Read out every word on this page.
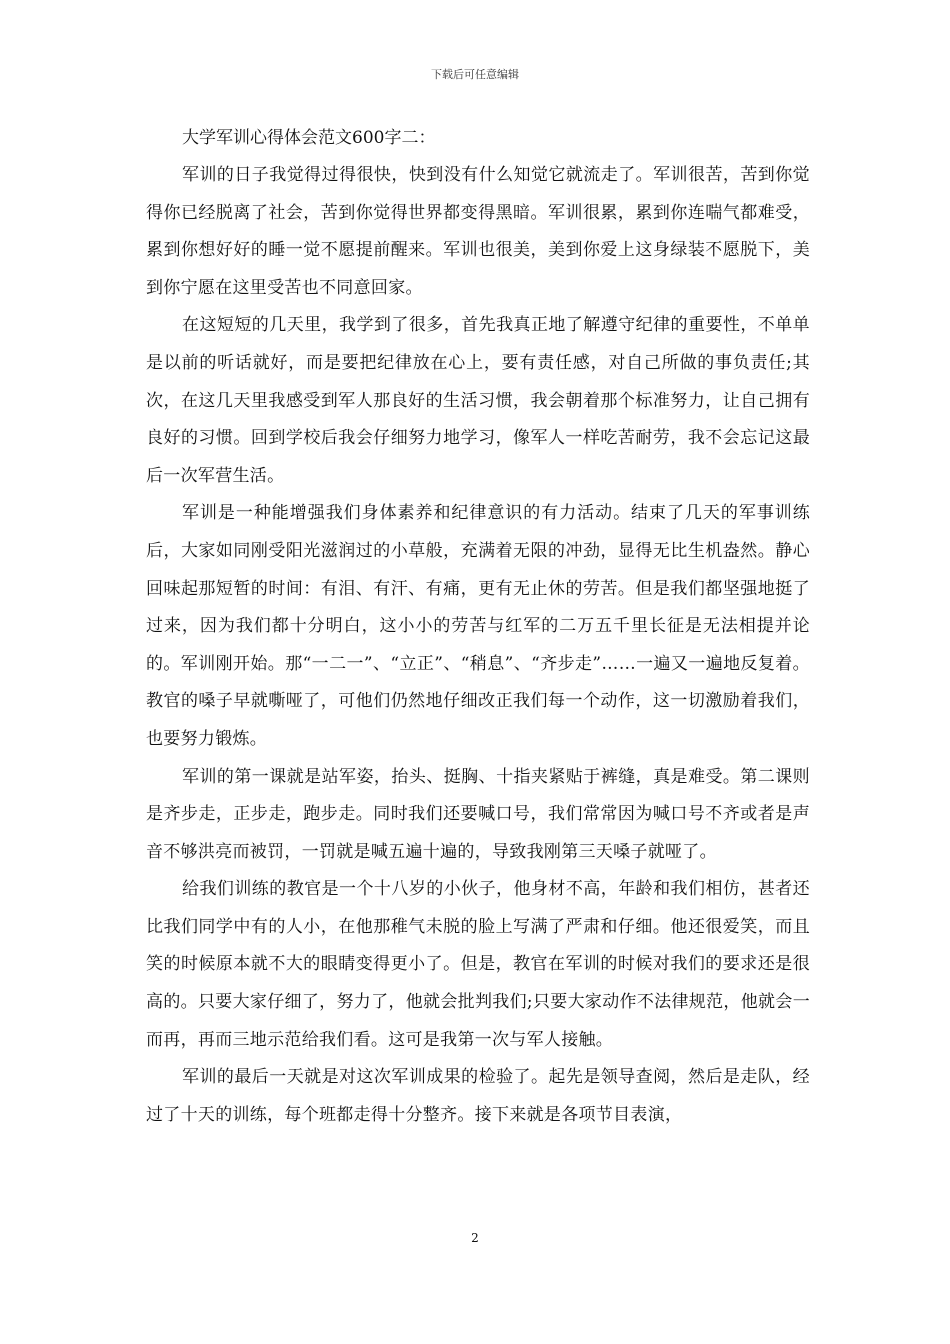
下载后可任意编辑

大学军训心得体会范文600字二：

军训的日子我觉得过得很快，快到没有什么知觉它就流走了。军训很苦，苦到你觉得你已经脱离了社会，苦到你觉得世界都变得黑暗。军训很累，累到你连喘气都难受，累到你想好好的睡一觉不愿提前醒来。军训也很美，美到你爱上这身绿装不愿脱下，美到你宁愿在这里受苦也不同意回家。

在这短短的几天里，我学到了很多，首先我真正地了解遵守纪律的重要性，不单单是以前的听话就好，而是要把纪律放在心上，要有责任感，对自己所做的事负责任;其次，在这几天里我感受到军人那良好的生活习惯，我会朝着那个标准努力，让自己拥有良好的习惯。回到学校后我会仔细努力地学习，像军人一样吃苦耐劳，我不会忘记这最后一次军营生活。

军训是一种能增强我们身体素养和纪律意识的有力活动。结束了几天的军事训练后，大家如同刚受阳光滋润过的小草般，充满着无限的冲劲，显得无比生机盎然。静心回味起那短暂的时间：有泪、有汗、有痛，更有无止休的劳苦。但是我们都坚强地挺了过来，因为我们都十分明白，这小小的劳苦与红军的二万五千里长征是无法相提并论的。军训刚开始。那“一二一”、“立正”、“稍息”、“齐步走”……一遍又一遍地反复着。教官的嗓子早就嘶哑了，可他们仍然地仔细改正我们每一个动作，这一切激励着我们，也要努力锻炼。

军训的第一课就是站军姿，抬头、挺胸、十指夹紧贴于裤缝，真是难受。第二课则是齐步走，正步走，跑步走。同时我们还要喊口号，我们常常因为喊口号不齐或者是声音不够洪亮而被罚，一罚就是喊五遍十遍的，导致我刚第三天嗓子就哑了。

给我们训练的教官是一个十八岁的小伙子，他身材不高，年龄和我们相仿，甚者还比我们同学中有的人小，在他那稚气未脱的脸上写满了严肃和仔细。他还很爱笑，而且笑的时候原本就不大的眼睛变得更小了。但是，教官在军训的时候对我们的要求还是很高的。只要大家仔细了，努力了，他就会批判我们;只要大家动作不法律规范，他就会一而再，再而三地示范给我们看。这可是我第一次与军人接触。

军训的最后一天就是对这次军训成果的检验了。起先是领导查阅，然后是走队，经过了十天的训练，每个班都走得十分整齐。接下来就是各项节目表演，

2
